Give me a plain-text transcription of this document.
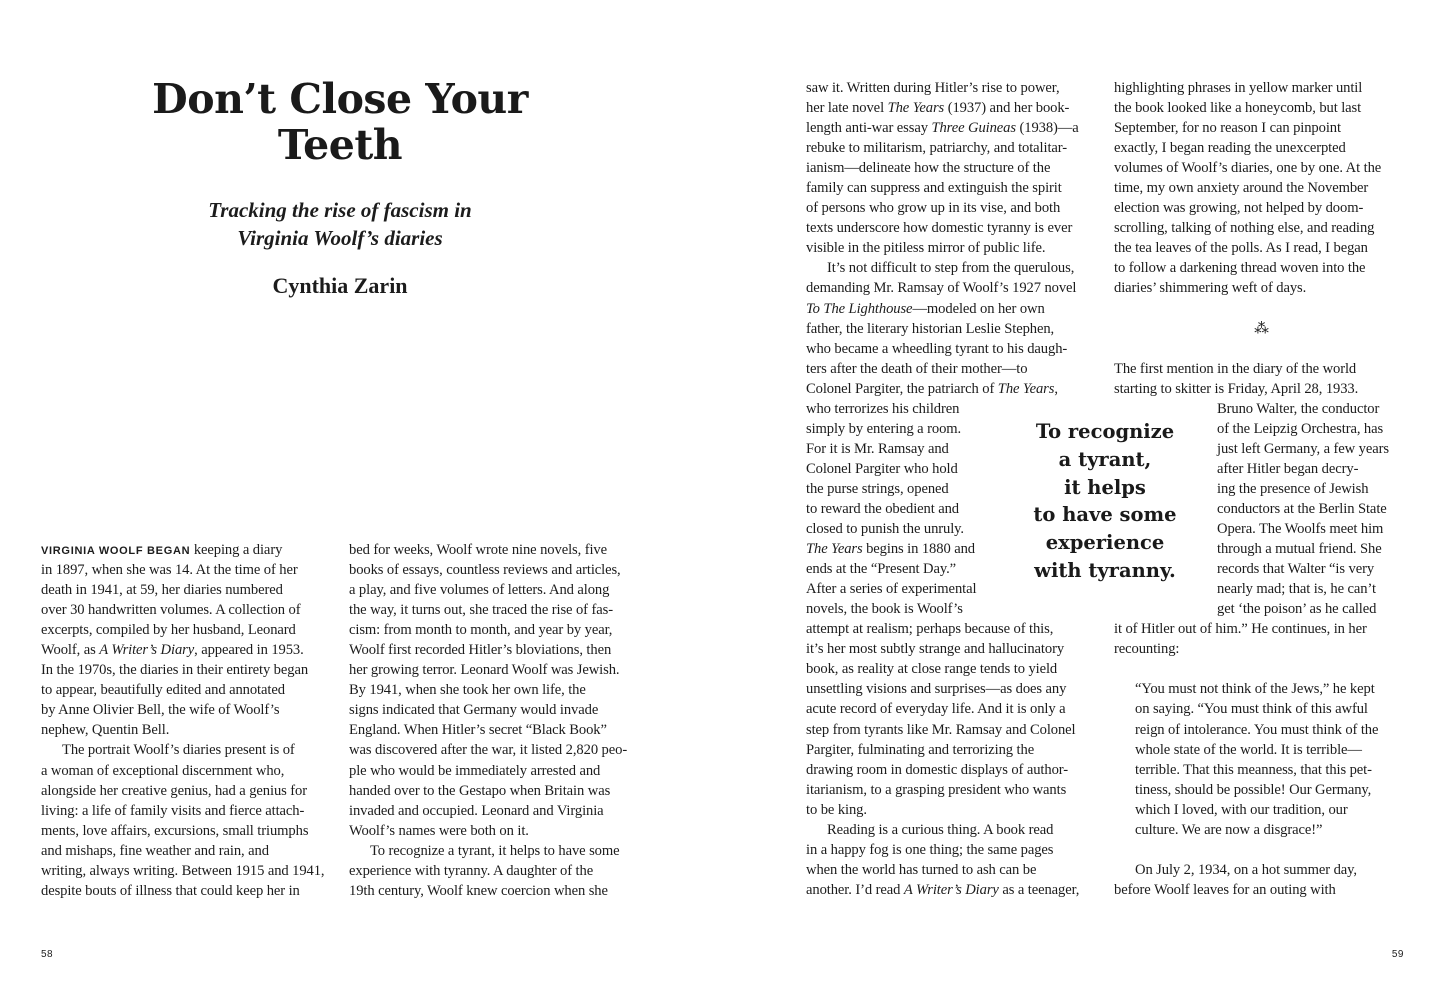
Don’t Close Your
Teeth
Tracking the rise of fascism in
Virginia Woolf’s diaries
Cynthia Zarin
VIRGINIA WOOLF BEGAN keeping a diary
in 1897, when she was 14. At the time of her
death in 1941, at 59, her diaries numbered
over 30 handwritten volumes. A collection of
excerpts, compiled by her husband, Leonard
Woolf, as A Writer’s Diary, appeared in 1953.
In the 1970s, the diaries in their entirety began
to appear, beautifully edited and annotated
by Anne Olivier Bell, the wife of Woolf’s
nephew, Quentin Bell.
The portrait Woolf’s diaries present is of
a woman of exceptional discernment who,
alongside her creative genius, had a genius for
living: a life of family visits and fierce attach-
ments, love affairs, excursions, small triumphs
and mishaps, fine weather and rain, and
writing, always writing. Between 1915 and 1941,
despite bouts of illness that could keep her in
bed for weeks, Woolf wrote nine novels, five
books of essays, countless reviews and articles,
a play, and five volumes of letters. And along
the way, it turns out, she traced the rise of fas-
cism: from month to month, and year by year,
Woolf first recorded Hitler’s bloviations, then
her growing terror. Leonard Woolf was Jewish.
By 1941, when she took her own life, the
signs indicated that Germany would invade
England. When Hitler’s secret “Black Book”
was discovered after the war, it listed 2,820 peo-
ple who would be immediately arrested and
handed over to the Gestapo when Britain was
invaded and occupied. Leonard and Virginia
Woolf’s names were both on it.
To recognize a tyrant, it helps to have some
experience with tyranny. A daughter of the
19th century, Woolf knew coercion when she
58
saw it. Written during Hitler’s rise to power,
her late novel The Years (1937) and her book-
length anti-war essay Three Guineas (1938)—a
rebuke to militarism, patriarchy, and totalitar-
ianism—delineate how the structure of the
family can suppress and extinguish the spirit
of persons who grow up in its vise, and both
texts underscore how domestic tyranny is ever
visible in the pitiless mirror of public life.
It’s not difficult to step from the querulous,
demanding Mr. Ramsay of Woolf’s 1927 novel
To The Lighthouse—modeled on her own
father, the literary historian Leslie Stephen,
who became a wheedling tyrant to his daugh-
ters after the death of their mother—to
Colonel Pargiter, the patriarch of The Years,
who terrorizes his children
simply by entering a room.
For it is Mr. Ramsay and
Colonel Pargiter who hold
the purse strings, opened
to reward the obedient and
closed to punish the unruly.
The Years begins in 1880 and
ends at the “Present Day.”
After a series of experimental
novels, the book is Woolf’s
attempt at realism; perhaps because of this,
it’s her most subtly strange and hallucinatory
book, as reality at close range tends to yield
unsettling visions and surprises—as does any
acute record of everyday life. And it is only a
step from tyrants like Mr. Ramsay and Colonel
Pargiter, fulminating and terrorizing the
drawing room in domestic displays of author-
itarianism, to a grasping president who wants
to be king.
Reading is a curious thing. A book read
in a happy fog is one thing; the same pages
when the world has turned to ash can be
another. I’d read A Writer’s Diary as a teenager,
To recognize
a tyrant,
it helps
to have some
experience
with tyranny.
highlighting phrases in yellow marker until
the book looked like a honeycomb, but last
September, for no reason I can pinpoint
exactly, I began reading the unexcerpted
volumes of Woolf’s diaries, one by one. At the
time, my own anxiety around the November
election was growing, not helped by doom-
scrolling, talking of nothing else, and reading
the tea leaves of the polls. As I read, I began
to follow a darkening thread woven into the
diaries’ shimmering weft of days.
⁂
The first mention in the diary of the world
starting to skitter is Friday, April 28, 1933.
Bruno Walter, the conductor
of the Leipzig Orchestra, has
just left Germany, a few years
after Hitler began decry-
ing the presence of Jewish
conductors at the Berlin State
Opera. The Woolfs meet him
through a mutual friend. She
records that Walter “is very
nearly mad; that is, he can’t
get ‘the poison’ as he called
it of Hitler out of him.” He continues, in her
recounting:
“You must not think of the Jews,” he kept
on saying. “You must think of this awful
reign of intolerance. You must think of the
whole state of the world. It is terrible—
terrible. That this meanness, that this pet-
tiness, should be possible! Our Germany,
which I loved, with our tradition, our
culture. We are now a disgrace!”
On July 2, 1934, on a hot summer day,
before Woolf leaves for an outing with
59
